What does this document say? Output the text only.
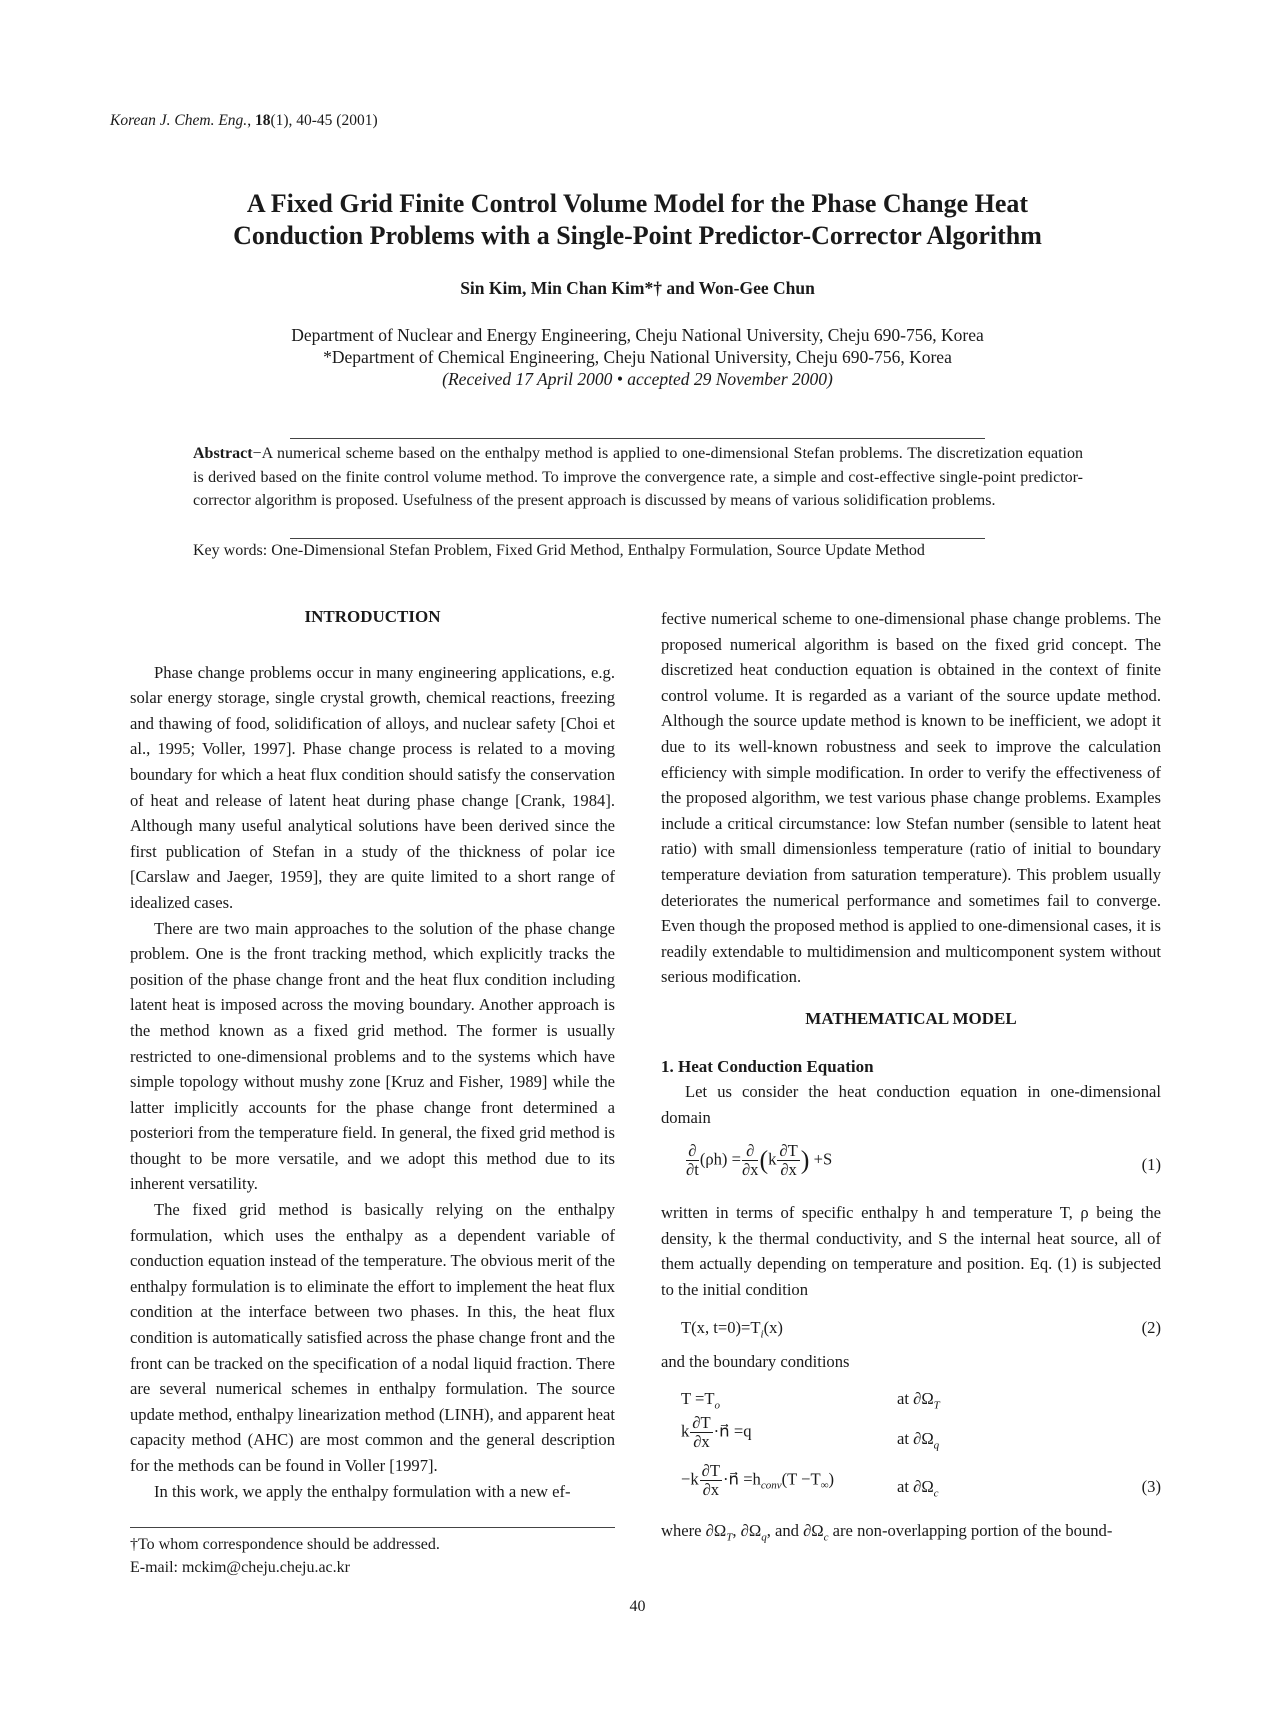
Korean J. Chem. Eng., 18(1), 40-45 (2001)
A Fixed Grid Finite Control Volume Model for the Phase Change Heat
Conduction Problems with a Single-Point Predictor-Corrector Algorithm
Sin Kim, Min Chan Kim*† and Won-Gee Chun
Department of Nuclear and Energy Engineering, Cheju National University, Cheju 690-756, Korea
*Department of Chemical Engineering, Cheju National University, Cheju 690-756, Korea
(Received 17 April 2000 • accepted 29 November 2000)
Abstract−A numerical scheme based on the enthalpy method is applied to one-dimensional Stefan problems. The discretization equation is derived based on the finite control volume method. To improve the convergence rate, a simple and cost-effective single-point predictor-corrector algorithm is proposed. Usefulness of the present approach is discussed by means of various solidification problems.
Key words: One-Dimensional Stefan Problem, Fixed Grid Method, Enthalpy Formulation, Source Update Method
INTRODUCTION

Phase change problems occur in many engineering applications, e.g. solar energy storage, single crystal growth, chemical reactions, freezing and thawing of food, solidification of alloys, and nuclear safety [Choi et al., 1995; Voller, 1997]. Phase change process is related to a moving boundary for which a heat flux condition should satisfy the conservation of heat and release of latent heat during phase change [Crank, 1984]. Although many useful analytical solutions have been derived since the first publication of Stefan in a study of the thickness of polar ice [Carslaw and Jaeger, 1959], they are quite limited to a short range of idealized cases.

There are two main approaches to the solution of the phase change problem. One is the front tracking method, which explicitly tracks the position of the phase change front and the heat flux condition including latent heat is imposed across the moving boundary. Another approach is the method known as a fixed grid method. The former is usually restricted to one-dimensional problems and to the systems which have simple topology without mushy zone [Kruz and Fisher, 1989] while the latter implicitly accounts for the phase change front determined a posteriori from the temperature field. In general, the fixed grid method is thought to be more versatile, and we adopt this method due to its inherent versatility.

The fixed grid method is basically relying on the enthalpy formulation, which uses the enthalpy as a dependent variable of conduction equation instead of the temperature. The obvious merit of the enthalpy formulation is to eliminate the effort to implement the heat flux condition at the interface between two phases. In this, the heat flux condition is automatically satisfied across the phase change front and the front can be tracked on the specification of a nodal liquid fraction. There are several numerical schemes in enthalpy formulation. The source update method, enthalpy linearization method (LINH), and apparent heat capacity method (AHC) are most common and the general description for the methods can be found in Voller [1997].

In this work, we apply the enthalpy formulation with a new ef-

†To whom correspondence should be addressed.
E-mail: mckim@cheju.cheju.ac.kr

fective numerical scheme to one-dimensional phase change problems. The proposed numerical algorithm is based on the fixed grid concept. The discretized heat conduction equation is obtained in the context of finite control volume. It is regarded as a variant of the source update method. Although the source update method is known to be inefficient, we adopt it due to its well-known robustness and seek to improve the calculation efficiency with simple modification. In order to verify the effectiveness of the proposed algorithm, we test various phase change problems. Examples include a critical circumstance: low Stefan number (sensible to latent heat ratio) with small dimensionless temperature (ratio of initial to boundary temperature deviation from saturation temperature). This problem usually deteriorates the numerical performance and sometimes fail to converge. Even though the proposed method is applied to one-dimensional cases, it is readily extendable to multidimension and multicomponent system without serious modification.

MATHEMATICAL MODEL
1. Heat Conduction Equation

Let us consider the heat conduction equation in one-dimensional domain

$\frac{\partial}{\partial t} (\rho h) = \frac{\partial}{\partial x} (k \frac{\partial T}{\partial x}$ ) +S	(1)

written in terms of specific enthalpy h and temperature T, ρ being the density, k the thermal conductivity, and S the internal heat source, all of them actually depending on temperature and position. Eq. (1) is subjected to the initial condition

T(x, $t=0)=T_i(x)$	(2)

and the boundary conditions

$T =T_o$	at $\partial\Omega_T$
k $\frac{\partial T}{\partial x}$ ·n⃗ =q	at $\partial\Omega_q$
$-k \frac{\partial T}{\partial x}$ ·n⃗ $=h_{conv}(T -T_\infty)$	at $\partial\Omega_c$	(3)

where $\partial\Omega_T$, $\partial\Omega_q$, and $\partial\Omega_c$ are non-overlapping portion of the bound-

40
